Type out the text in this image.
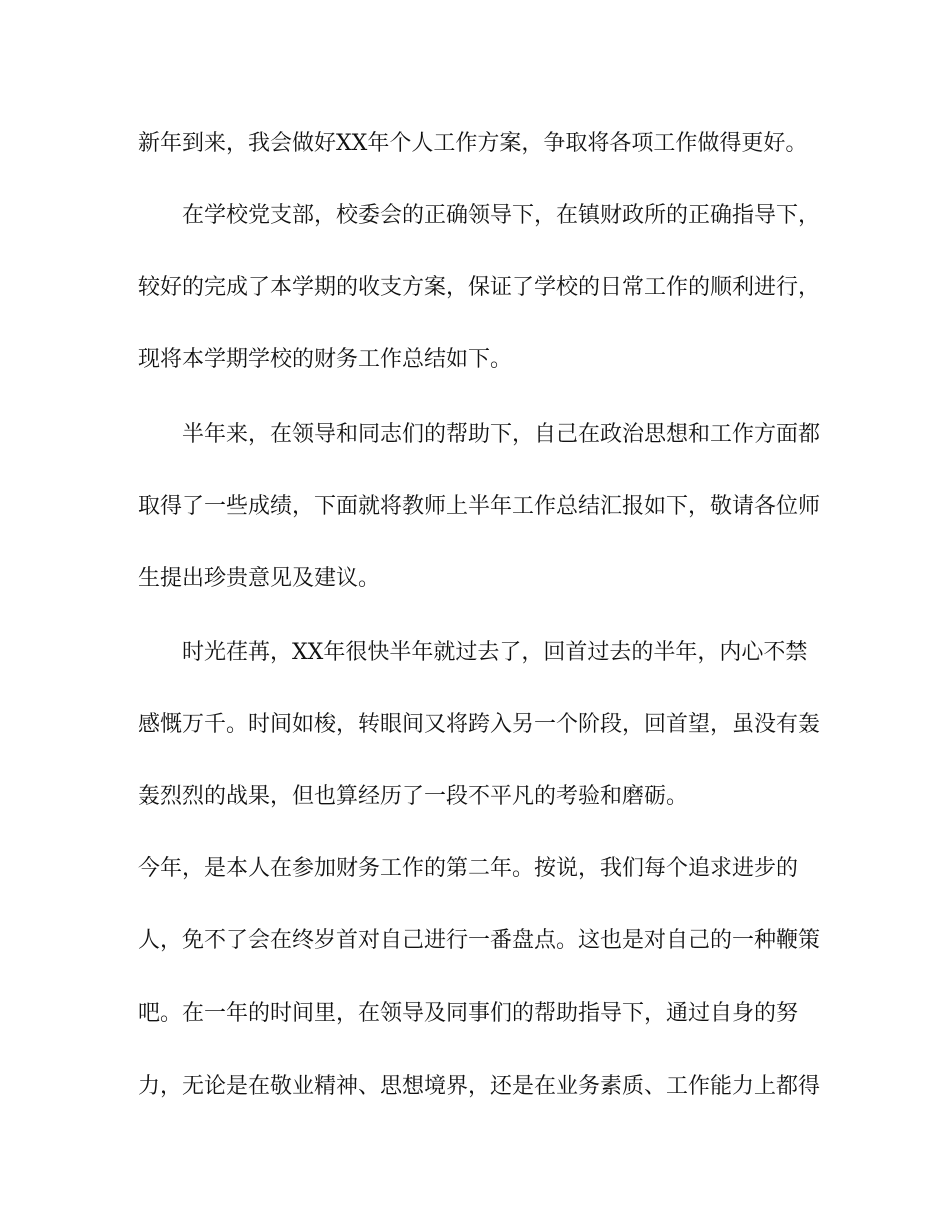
新年到来，我会做好XX年个人工作方案，争取将各项工作做得更好。
在学校党支部，校委会的正确领导下，在镇财政所的正确指导下，
较好的完成了本学期的收支方案，保证了学校的日常工作的顺利进行，
现将本学期学校的财务工作总结如下。
半年来，在领导和同志们的帮助下，自己在政治思想和工作方面都
取得了一些成绩，下面就将教师上半年工作总结汇报如下，敬请各位师
生提出珍贵意见及建议。
时光荏苒，XX年很快半年就过去了，回首过去的半年，内心不禁
感慨万千。时间如梭，转眼间又将跨入另一个阶段，回首望，虽没有轰
轰烈烈的战果，但也算经历了一段不平凡的考验和磨砺。
今年，是本人在参加财务工作的第二年。按说，我们每个追求进步的
人，免不了会在终岁首对自己进行一番盘点。这也是对自己的一种鞭策
吧。在一年的时间里，在领导及同事们的帮助指导下，通过自身的努
力，无论是在敬业精神、思想境界，还是在业务素质、工作能力上都得
